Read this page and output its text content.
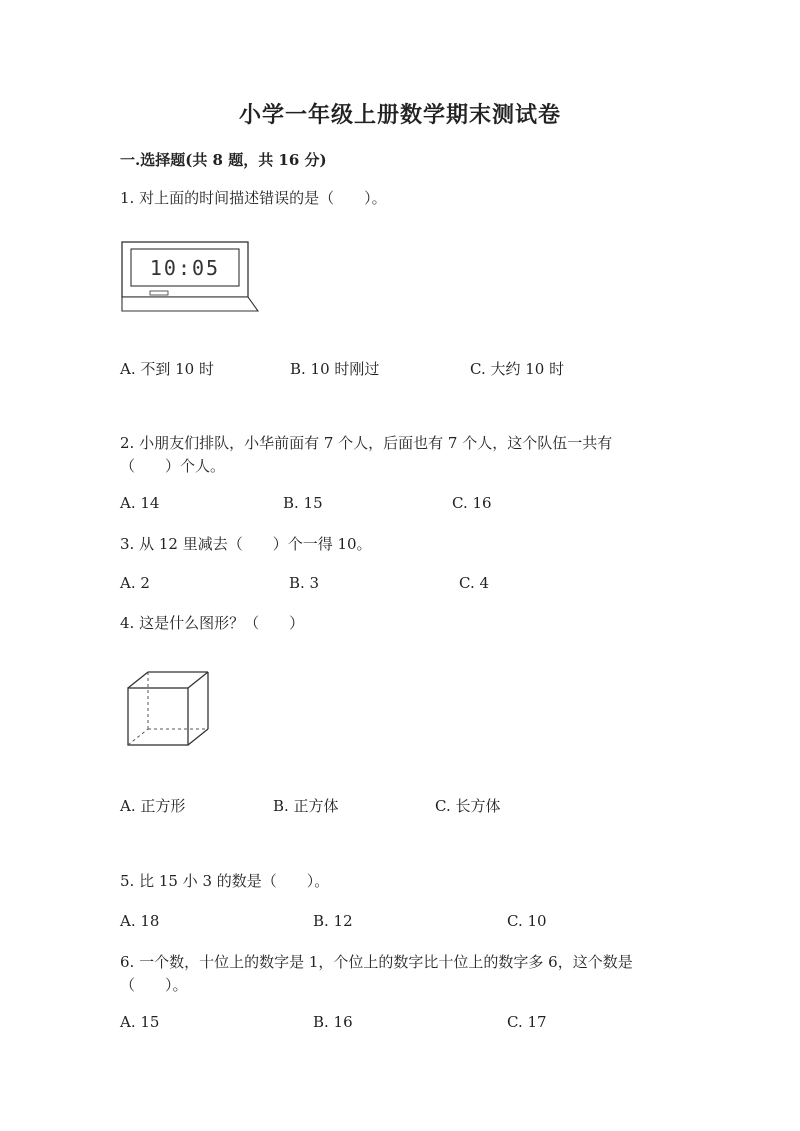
小学一年级上册数学期末测试卷
一.选择题(共 8 题，共 16 分)
1. 对上面的时间描述错误的是（　　）。
10:05
A. 不到 10 时	B. 10 时刚过	C. 大约 10 时
2. 小朋友们排队，小华前面有 7 个人，后面也有 7 个人，这个队伍一共有
（　　）个人。
A. 14	B. 15	C. 16
3. 从 12 里减去（　　）个一得 10。
A. 2	B. 3	C. 4
4. 这是什么图形？（　　）
A. 正方形	B. 正方体	C. 长方体
5. 比 15 小 3 的数是（　　）。
A. 18	B. 12	C. 10
6. 一个数，十位上的数字是 1，个位上的数字比十位上的数字多 6，这个数是
（　　）。
A. 15	B. 16	C. 17
